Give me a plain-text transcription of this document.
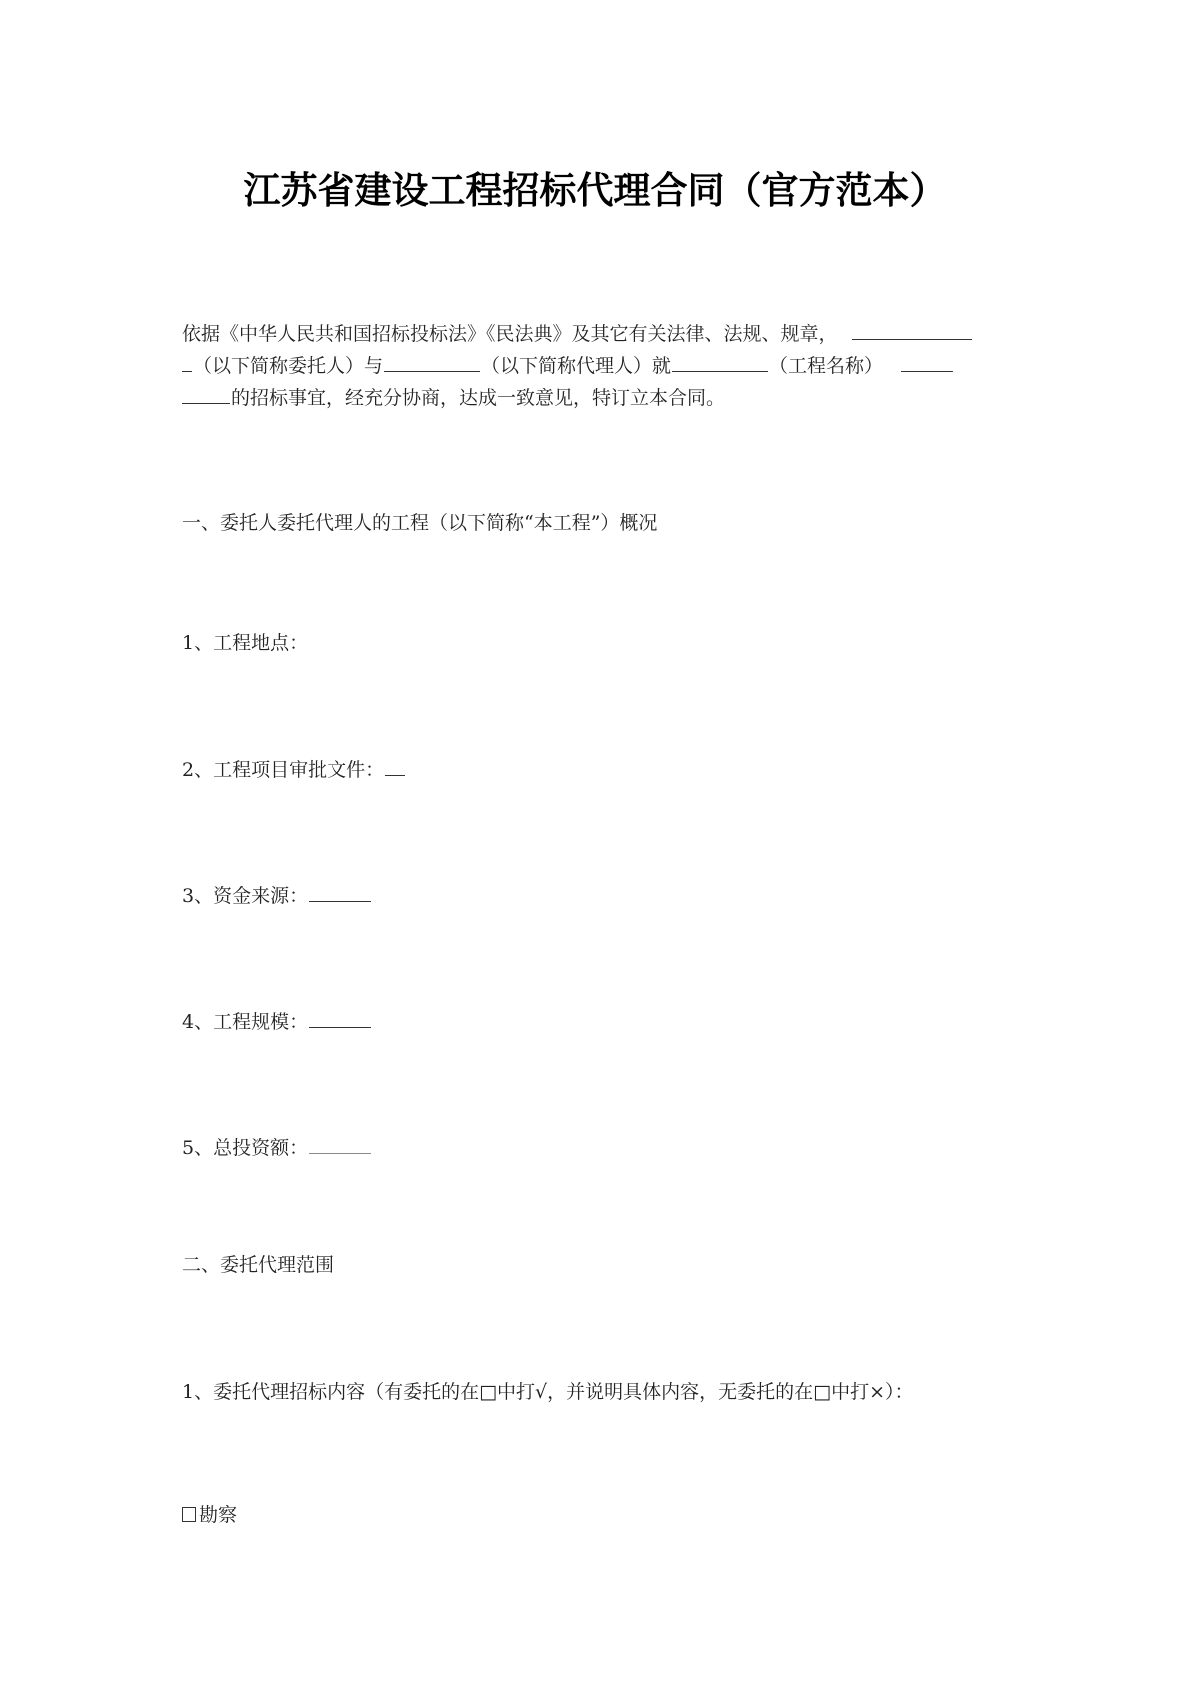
江苏省建设工程招标代理合同（官方范本）
依据《中华人民共和国招标投标法》《民法典》及其它有关法律、法规、规章，
（以下简称委托人）与	（以下简称代理人）就	（工程名称）
的招标事宜，经充分协商，达成一致意见，特订立本合同。
一、委托人委托代理人的工程（以下简称“本工程”）概况
1、工程地点：
2、工程项目审批文件：
3、资金来源：
4、工程规模：
5、总投资额：
二、委托代理范围
1、委托代理招标内容（有委托的在□中打√，并说明具体内容，无委托的在□中打×）：
勘察
